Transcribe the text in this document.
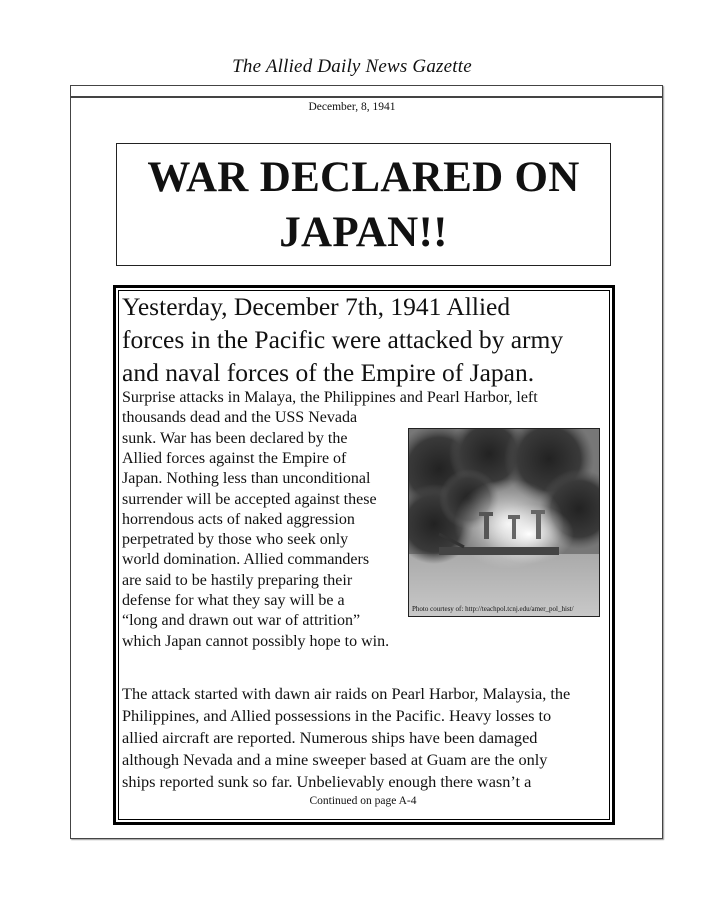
The Allied Daily News Gazette
December, 8, 1941
WAR DECLARED ON
JAPAN!!
Yesterday, December 7th, 1941 Allied
forces in the Pacific were attacked by army
and naval forces of the Empire of Japan.
Surprise attacks in Malaya, the Philippines and Pearl Harbor, left
thousands dead and the USS Nevada
sunk. War has been declared by the
Allied forces against the Empire of
Japan. Nothing less than unconditional
surrender will be accepted against these
horrendous acts of naked aggression
perpetrated by those who seek only
world domination. Allied commanders
are said to be hastily preparing their
defense for what they say will be a
“long and drawn out war of attrition”
which Japan cannot possibly hope to win.
The attack started with dawn air raids on Pearl Harbor, Malaysia, the
Philippines, and Allied possessions in the Pacific. Heavy losses to
allied aircraft are reported. Numerous ships have been damaged
although Nevada and a mine sweeper based at Guam are the only
ships reported sunk so far. Unbelievably enough there wasn’t a
Photo courtesy of: http://teachpol.tcnj.edu/amer_pol_hist/
Continued on page A-4
